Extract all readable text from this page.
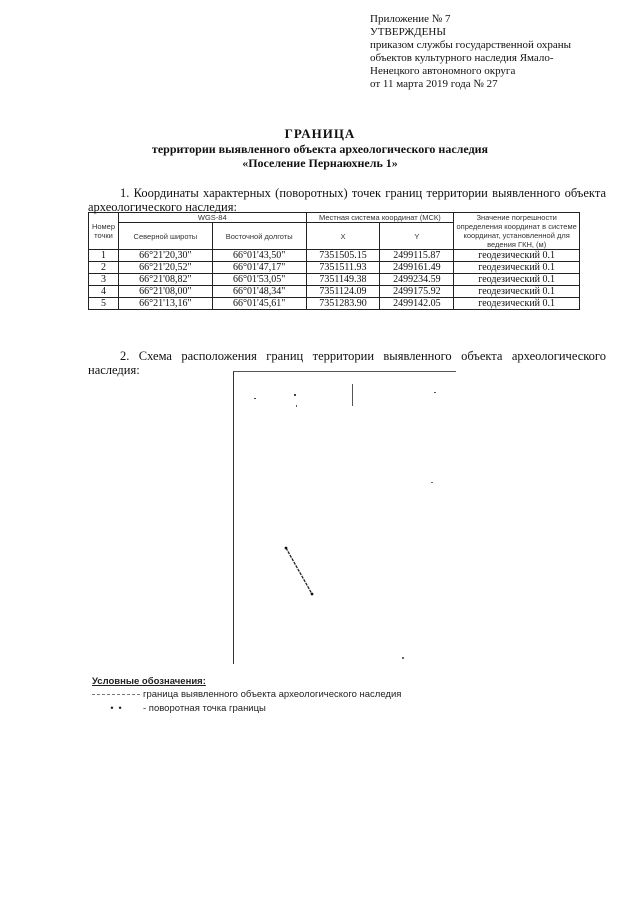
Приложение № 7
УТВЕРЖДЕНЫ
приказом службы государственной охраны
объектов культурного наследия Ямало-
Ненецкого автономного округа
от 11 марта 2019 года № 27
ГРАНИЦА
территории выявленного объекта археологического наследия
«Поселение Пернаюхнель 1»
1. Координаты характерных (поворотных) точек границ территории выявленного объекта археологического наследия:
Номер точки	WGS-84		Местная система координат (МСК)		Значение погрешности определения координат в системе координат, установленной для ведения ГКН, (м)
	Северной широты	Восточной долготы	X	Y	

1	66°21'20,30"	66°01'43,50"	7351505.15	2499115.87	геодезический 0.1
2	66°21'20,52"	66°01'47,17"	7351511.93	2499161.49	геодезический 0.1
3	66°21'08,82"	66°01'53,05"	7351149.38	2499234.59	геодезический 0.1
4	66°21'08,00"	66°01'48,34"	7351124.09	2499175.92	геодезический 0.1
5	66°21'13,16"	66°01'45,61"	7351283.90	2499142.05	геодезический 0.1
2. Схема расположения границ территории выявленного объекта археологического наследия:
Условные обозначения:
граница выявленного объекта археологического наследия
•  •	- поворотная точка границы
